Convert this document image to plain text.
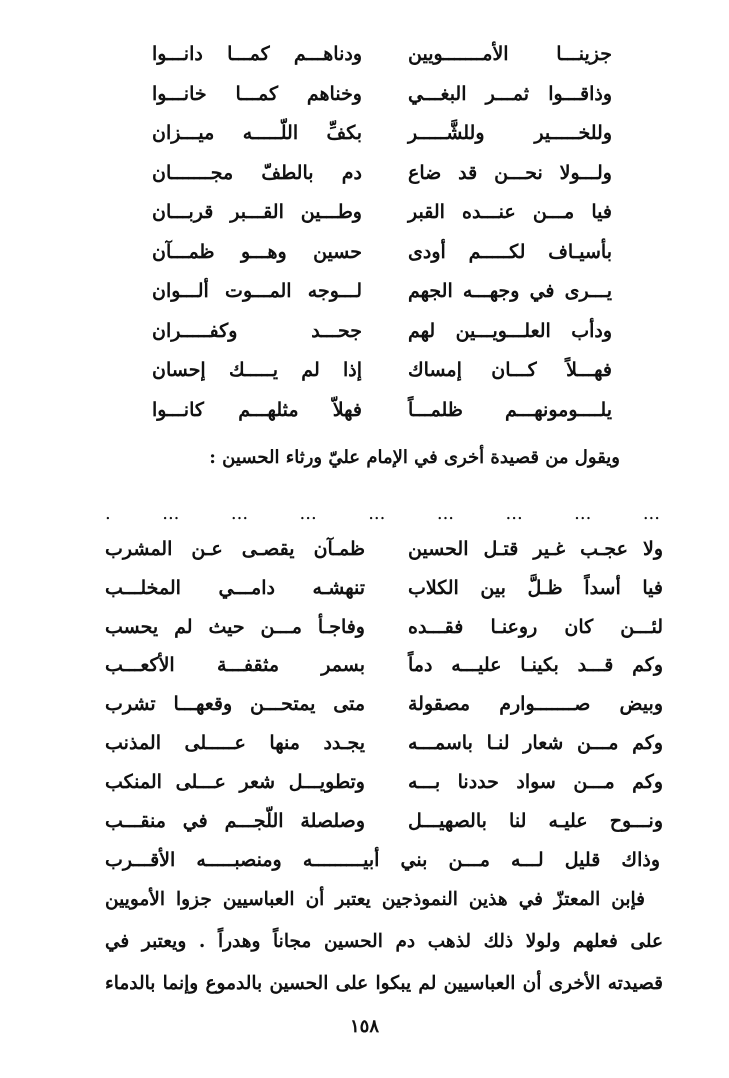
جزينـــا الأمـــــــويين
ودناهـــم كمـــا دانـــوا
وذاقـــوا ثمـــر البغـــي
وخناهم كمـــا خانـــوا
وللخـــــير وللشَّـــــر
بكفِّ اللّـــــه ميـــزان
ولـــولا نحـــن قد ضاع
دم بالطفّ مجـــــــان
فيا مـــن عنـــده القبر
وطـــين القـــبر قربـــان
بأسيـاف لكـــــم أودى
حسين وهـــو ظمـــآن
يـــرى في وجهـــه الجهم
لـــوجه المـــوت ألـــوان
ودأب العلـــويـــين لهم
جحـــد وكفـــــران
فهـــلاً كـــان إمساك
إذا لم يـــــك إحسان
يلــــومونهـــم ظلمـــاً
فهلاّ مثلهـــم كانـــوا
ويقول من قصيدة أخرى في الإمام عليّ ورثاء الحسين :
...
...
...
...
...
...
...
...
.
ولا عجـب غـير قتـل الحسين
ظمـآن يقصـى عـن المشرب
فيا أسداً ظـلَّ بين الكلاب
تنهشـه دامـــي المخلـــب
لئـــن كان روعنـا فقـــده
وفاجـأ مـــن حيث لم يحسب
وكم قـــد بكينـا عليـــه دماً
بسمر مثقفـــة الأكعـــب
وبيض صـــــــوارم مصقولة
متى يمتحـــن وقعهـــا تشرب
وكم مـــن شعار لنـا باسمـــه
يجـدد منها عـــــلى المذنب
وكم مـــن سواد حددنا بـــه
وتطويـــل شعر عـــلى المنكب
ونـــوح عليـه لنا بالصهيـــل
وصلصلة اللّجـــم في منقـــب
وذاك قليل لـــه مـــن بني أبيـــــــــه ومنصبـــــه الأقـــرب
فإبن المعتزّ في هذين النموذجين يعتبر أن العباسيين جزوا الأمويين
على فعلهم ولولا ذلك لذهب دم الحسين مجاناً وهدراً . ويعتبر في
قصيدته الأخرى أن العباسيين لم يبكوا على الحسين بالدموع وإنما بالدماء
١٥٨
